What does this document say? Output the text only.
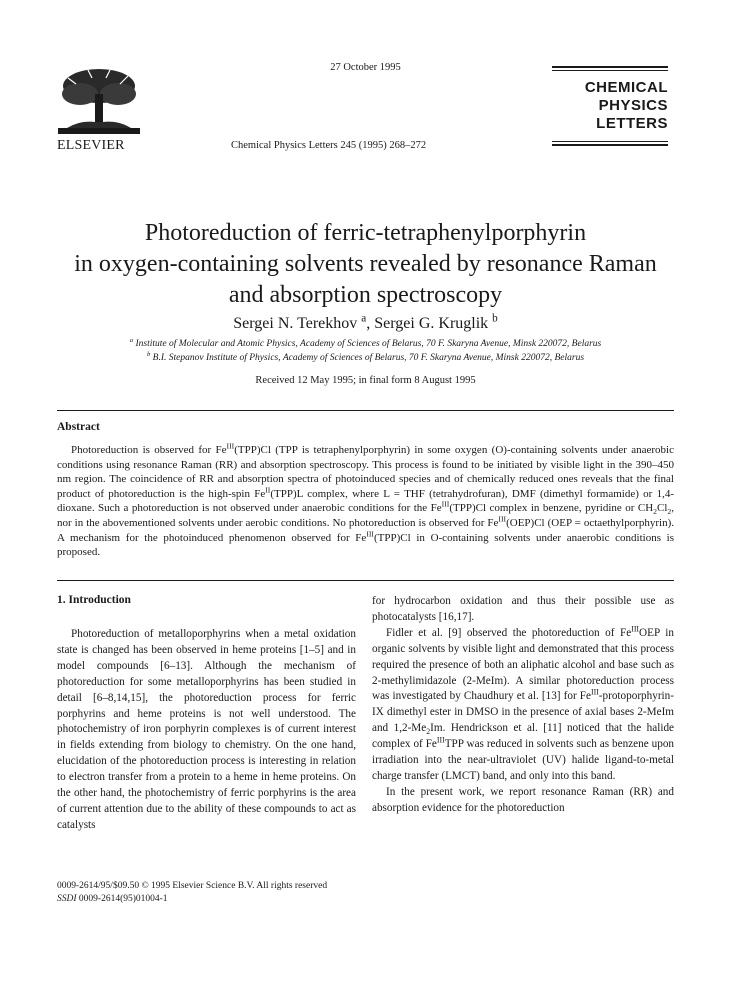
ELSEVIER
27 October 1995
Chemical Physics Letters 245 (1995) 268–272
CHEMICAL
PHYSICS
LETTERS
Photoreduction of ferric-tetraphenylporphyrin
in oxygen-containing solvents revealed by resonance Raman
and absorption spectroscopy
Sergei N. Terekhov $^a$, Sergei G. Kruglik $^b$
$^a$ Institute of Molecular and Atomic Physics, Academy of Sciences of Belarus, 70 F. Skaryna Avenue, Minsk 220072, Belarus
$^b$ B.I. Stepanov Institute of Physics, Academy of Sciences of Belarus, 70 F. Skaryna Avenue, Minsk 220072, Belarus
Received 12 May 1995; in final form 8 August 1995
Abstract

Photoreduction is observed for $Fe^{III}(TPP)Cl$ (TPP is tetraphenylporphyrin) in some oxygen (O)-containing solvents under anaerobic conditions using resonance Raman (RR) and absorption spectroscopy. This process is found to be initiated by visible light in the 390–450 nm region. The coincidence of RR and absorption spectra of photoinduced species and of chemically reduced ones reveals that the final product of photoreduction is the high-spin $Fe^{II}(TPP)L$ complex, where L = THF (tetrahydrofuran), DMF (dimethyl formamide) or 1,4-dioxane. Such a photoreduction is not observed under anaerobic conditions for the $Fe^{III}(TPP)Cl$ complex in benzene, pyridine or $CH_2Cl_2$, nor in the abovementioned solvents under aerobic conditions. No photoreduction is observed for $Fe^{III}(OEP)Cl$ (OEP = octaethylporphyrin). A mechanism for the photoinduced phenomenon observed for $Fe^{III}(TPP)Cl$ in O-containing solvents under anaerobic conditions is proposed.

1. Introduction

Photoreduction of metalloporphyrins when a metal oxidation state is changed has been observed in heme proteins [1–5] and in model compounds [6–13]. Although the mechanism of photoreduction for some metalloporphyrins has been studied in detail [6–8,14,15], the photoreduction process for ferric porphyrins and heme proteins is not well understood. The photochemistry of iron porphyrin complexes is of current interest in fields extending from biology to chemistry. On the one hand, elucidation of the photoreduction process is interesting in relation to electron transfer from a protein to a heme in heme proteins. On the other hand, the photochemistry of ferric porphyrins is the area of current attention due to the ability of these compounds to act as catalysts

for hydrocarbon oxidation and thus their possible use as photocatalysts [16,17].

Fidler et al. [9] observed the photoreduction of $Fe^{III}OEP$ in organic solvents by visible light and demonstrated that this process required the presence of both an aliphatic alcohol and base such as 2-methylimidazole (2-MeIm). A similar photoreduction process was investigated by Chaudhury et al. [13] for $Fe^{III}-protoporphyrin-IX$ dimethyl ester in DMSO in the presence of axial bases 2-MeIm and $1,2-Me_2Im$. Hendrickson et al. [11] noticed that the halide complex of $Fe^{III}TPP$ was reduced in solvents such as benzene upon irradiation into the near-ultraviolet (UV) halide ligand-to-metal charge transfer (LMCT) band, and only into this band.

In the present work, we report resonance Raman (RR) and absorption evidence for the photoreduction

0009-2614/95/$09.50 © 1995 Elsevier Science B.V. All rights reserved
SSDI 0009-2614(95)01004-1
